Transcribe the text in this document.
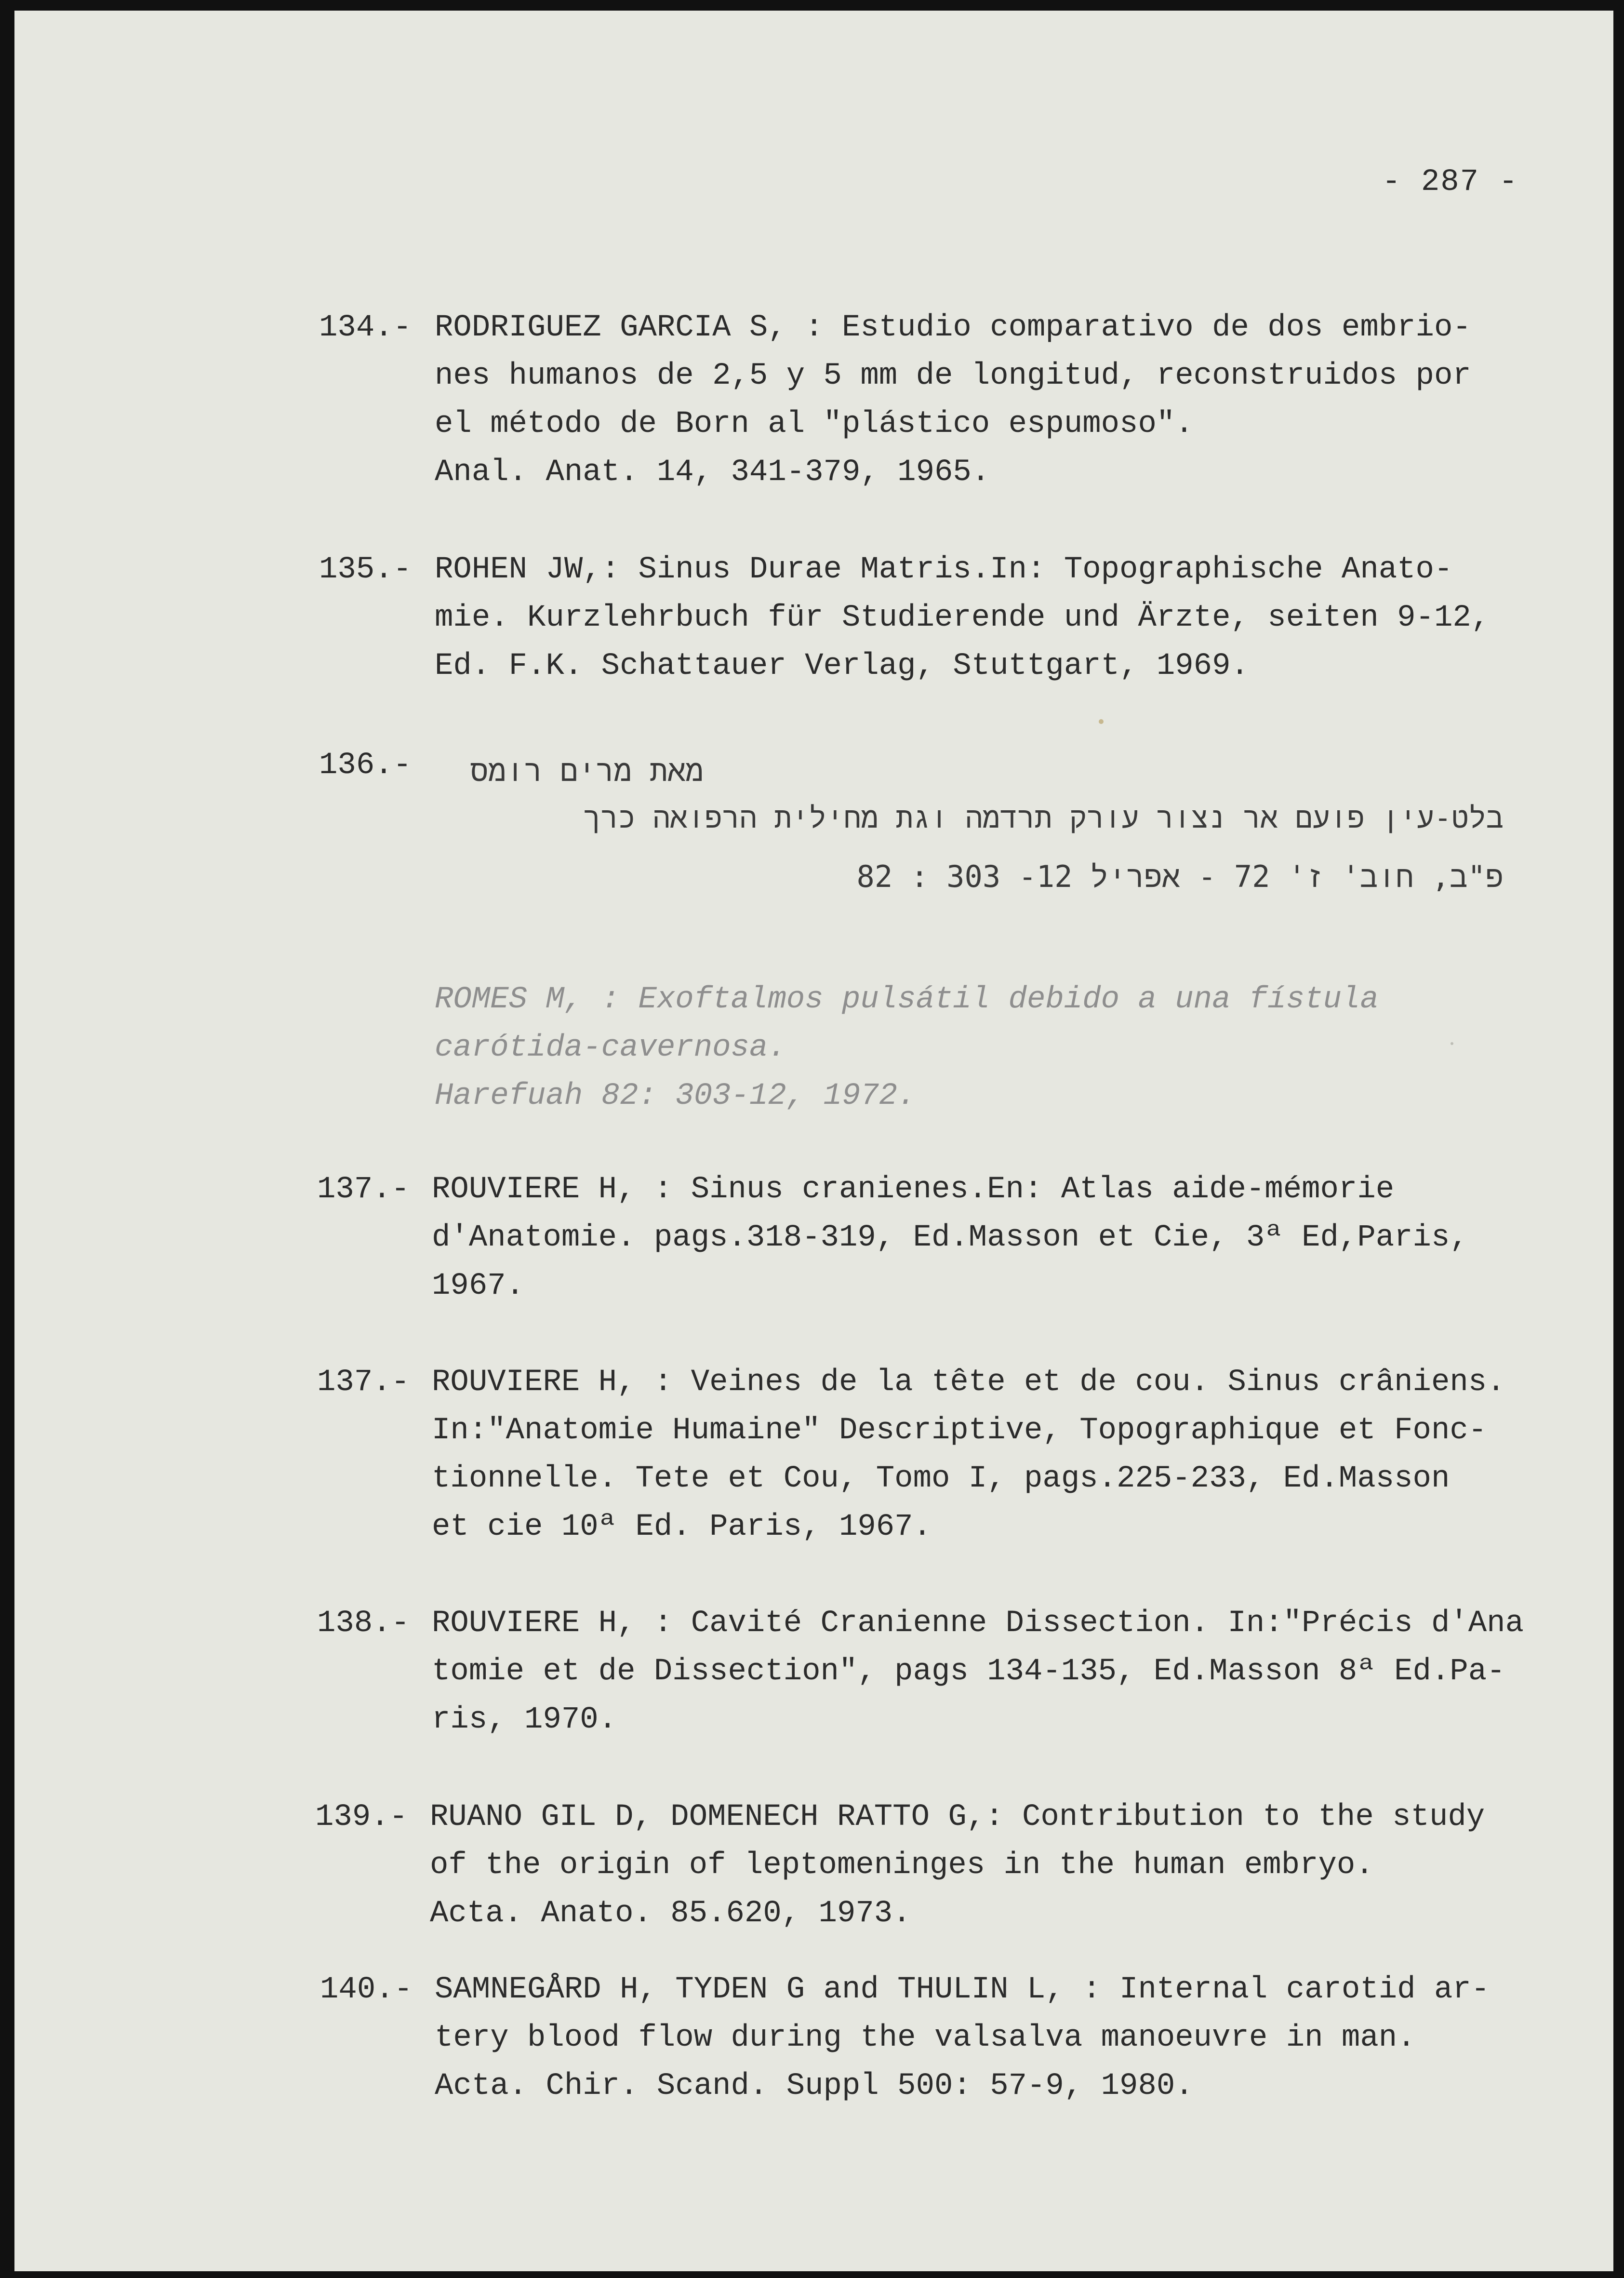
- 287 -
134.- RODRIGUEZ GARCIA S, : Estudio comparativo de dos embrio-
nes humanos de 2,5 y 5 mm de longitud, reconstruidos por
el método de Born al "plástico espumoso".
Anal. Anat. 14, 341-379, 1965.
135.- ROHEN JW,: Sinus Durae Matris.In: Topographische Anato-
mie. Kurzlehrbuch für Studierende und Ärzte, seiten 9-12,
Ed. F.K. Schattauer Verlag, Stuttgart, 1969.
136.-	מאת מרים רומס
בלט-עין פועם אר נצור עורק תרדמה וגת מחילית הרפואה כרך
פ"ב, חוב' ז' 72 - אפריל 12- 303 : 82
ROMES M, : Exoftalmos pulsátil debido a una fístula
carótida-cavernosa.
Harefuah 82: 303-12, 1972.
137.- ROUVIERE H, : Sinus cranienes.En: Atlas aide-mémorie
d'Anatomie. pags.318-319, Ed.Masson et Cie, 3ª Ed,Paris,
1967.
137.- ROUVIERE H, : Veines de la tête et de cou. Sinus crâniens.
In:"Anatomie Humaine" Descriptive, Topographique et Fonc-
tionnelle. Tete et Cou, Tomo I, pags.225-233, Ed.Masson
et cie 10ª Ed. Paris, 1967.
138.- ROUVIERE H, : Cavité Cranienne Dissection. In:"Précis d'Ana
tomie et de Dissection", pags 134-135, Ed.Masson 8ª Ed.Pa-
ris, 1970.
139.- RUANO GIL D, DOMENECH RATTO G,: Contribution to the study
of the origin of leptomeninges in the human embryo.
Acta. Anato. 85.620, 1973.
140.- SAMNEGÅRD H, TYDEN G and THULIN L, : Internal carotid ar-
tery blood flow during the valsalva manoeuvre in man.
Acta. Chir. Scand. Suppl 500: 57-9, 1980.
